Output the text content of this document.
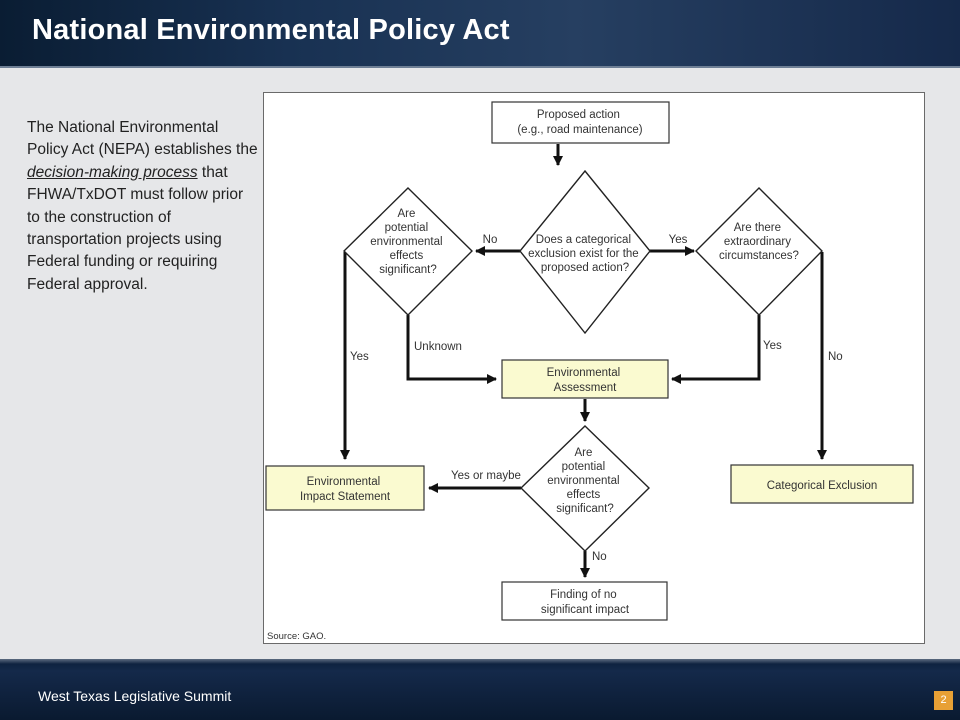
National Environmental Policy Act
The National Environmental Policy Act (NEPA) establishes the decision-making process that FHWA/TxDOT must follow prior to the construction of transportation projects using Federal funding or requiring Federal approval.
Proposed action (e.g., road maintenance)
Does a categorical exclusion exist for the proposed action?
Are potential environmental effects significant?
Are there extraordinary circumstances?
Environmental Assessment
Are potential environmental effects significant?
Environmental Impact Statement
Categorical Exclusion
Finding of no significant impact
No	Yes
Yes
Unknown	Yes
No
Yes or maybe
No
Source: GAO.
West Texas Legislative Summit	2
